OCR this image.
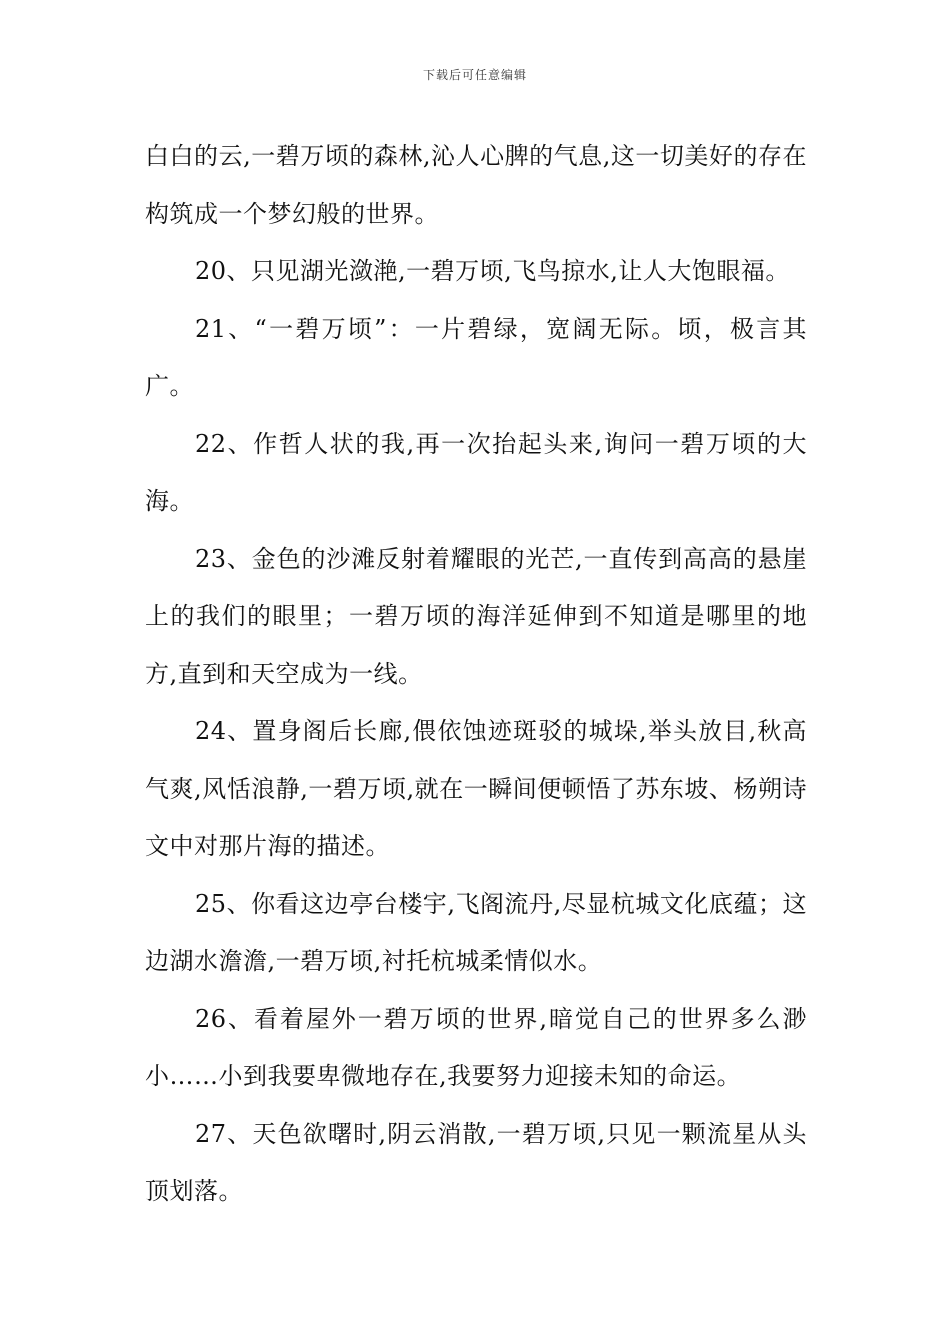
下载后可任意编辑

白白的云,一碧万顷的森林,沁人心脾的气息,这一切美好的存在构筑成一个梦幻般的世界。

20、只见湖光潋滟,一碧万顷,飞鸟掠水,让人大饱眼福。

21、“一碧万顷”：一片碧绿，宽阔无际。顷，极言其广。

22、作哲人状的我,再一次抬起头来,询问一碧万顷的大海。

23、金色的沙滩反射着耀眼的光芒,一直传到高高的悬崖上的我们的眼里；一碧万顷的海洋延伸到不知道是哪里的地方,直到和天空成为一线。

24、置身阁后长廊,偎依蚀迹斑驳的城垛,举头放目,秋高气爽,风恬浪静,一碧万顷,就在一瞬间便顿悟了苏东坡、杨朔诗文中对那片海的描述。

25、你看这边亭台楼宇,飞阁流丹,尽显杭城文化底蕴；这边湖水澹澹,一碧万顷,衬托杭城柔情似水。

26、看着屋外一碧万顷的世界,暗觉自己的世界多么渺小……小到我要卑微地存在,我要努力迎接未知的命运。

27、天色欲曙时,阴云消散,一碧万顷,只见一颗流星从头顶划落。
